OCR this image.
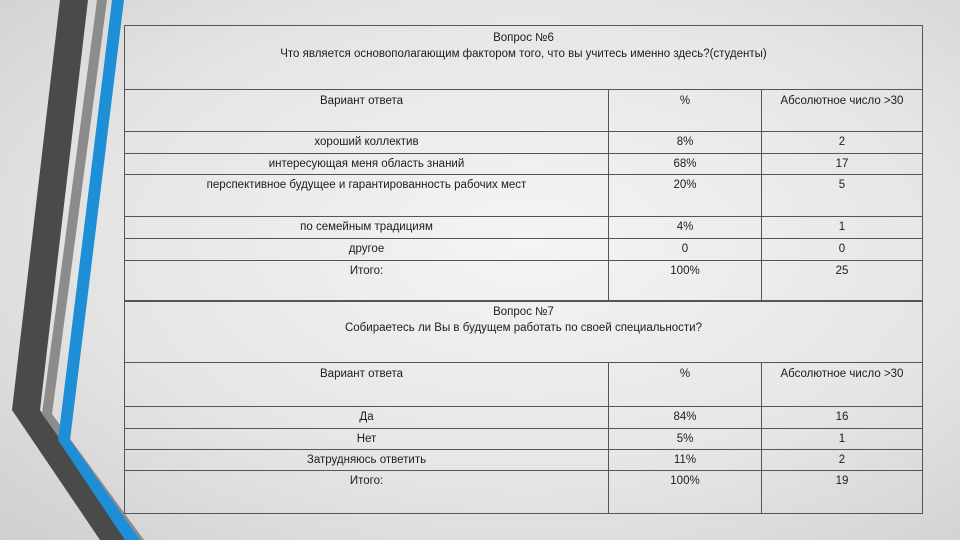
Вопрос №6
Что является основополагающим фактором того, что вы учитесь именно здесь?(студенты)
Вариант ответа	%	Абсолютное число >30
хороший коллектив	8%	2
интересующая меня область знаний	68%	17
перспективное будущее и гарантированность рабочих мест	20%	5
по семейным традициям	4%	1
другое	0	0
Итого:	100%	25
Вопрос №7
Собираетесь ли Вы в будущем работать по своей специальности?
Вариант ответа	%	Абсолютное число >30
Да	84%	16
Нет	5%	1
Затрудняюсь ответить	11%	2
Итого:	100%	19
